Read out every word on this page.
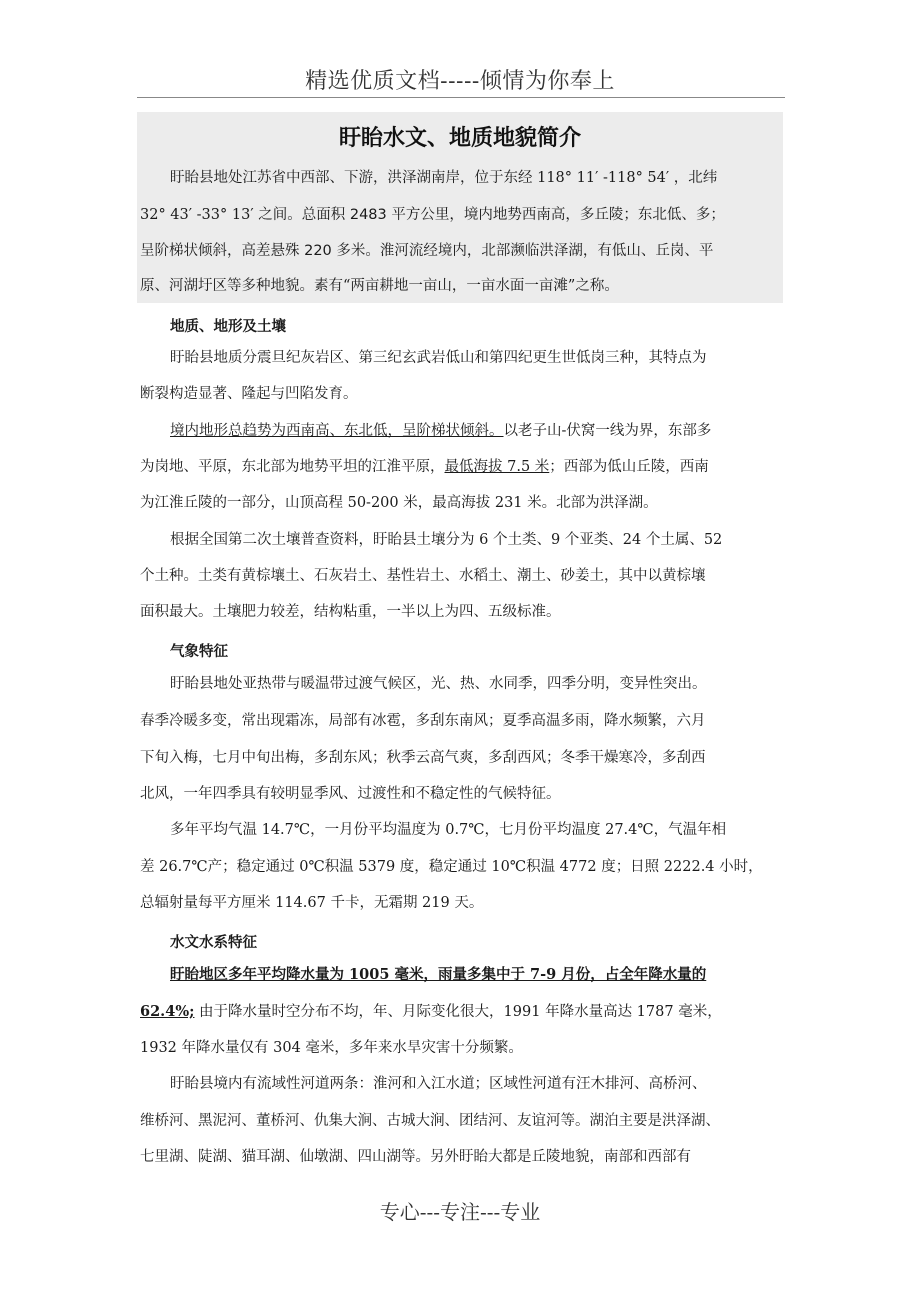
精选优质文档-----倾情为你奉上
盱眙水文、地质地貌简介
盱眙县地处江苏省中西部、下游，洪泽湖南岸，位于东经 118° 11′ -118° 54′ ，北纬
32° 43′ -33° 13′ 之间。总面积 2483 平方公里，境内地势西南高，多丘陵；东北低、多；
呈阶梯状倾斜，高差悬殊 220 多米。淮河流经境内，北部濒临洪泽湖，有低山、丘岗、平
原、河湖圩区等多种地貌。素有“两亩耕地一亩山，一亩水面一亩滩”之称。
地质、地形及土壤
盱眙县地质分震旦纪灰岩区、第三纪玄武岩低山和第四纪更生世低岗三种，其特点为
断裂构造显著、隆起与凹陷发育。
境内地形总趋势为西南高、东北低，呈阶梯状倾斜。以老子山-伏窝一线为界，东部多
为岗地、平原，东北部为地势平坦的江淮平原，最低海拔 7.5 米；西部为低山丘陵，西南
为江淮丘陵的一部分，山顶高程 50-200 米，最高海拔 231 米。北部为洪泽湖。
根据全国第二次土壤普查资料，盱眙县土壤分为 6 个土类、9 个亚类、24 个土属、52
个土种。土类有黄棕壤土、石灰岩土、基性岩土、水稻土、潮土、砂姜土，其中以黄棕壤
面积最大。土壤肥力较差，结构粘重，一半以上为四、五级标准。
气象特征
盱眙县地处亚热带与暖温带过渡气候区，光、热、水同季，四季分明，变异性突出。
春季冷暖多变，常出现霜冻，局部有冰雹，多刮东南风；夏季高温多雨，降水频繁，六月
下旬入梅，七月中旬出梅，多刮东风；秋季云高气爽，多刮西风；冬季干燥寒冷，多刮西
北风，一年四季具有较明显季风、过渡性和不稳定性的气候特征。
多年平均气温 14.7℃，一月份平均温度为 0.7℃，七月份平均温度 27.4℃，气温年相
差 26.7℃产；稳定通过 0℃积温 5379 度，稳定通过 10℃积温 4772 度；日照 2222.4 小时，
总辐射量每平方厘米 114.67 千卡，无霜期 219 天。
水文水系特征
盱眙地区多年平均降水量为 1005 毫米，雨量多集中于 7-9 月份，占全年降水量的
62.4%; 由于降水量时空分布不均，年、月际变化很大，1991 年降水量高达 1787 毫米，
1932 年降水量仅有 304 毫米，多年来水旱灾害十分频繁。
盱眙县境内有流域性河道两条：淮河和入江水道；区域性河道有汪木排河、高桥河、
维桥河、黑泥河、董桥河、仇集大涧、古城大涧、团结河、友谊河等。湖泊主要是洪泽湖、
七里湖、陡湖、猫耳湖、仙墩湖、四山湖等。另外盱眙大都是丘陵地貌，南部和西部有
专心---专注---专业
